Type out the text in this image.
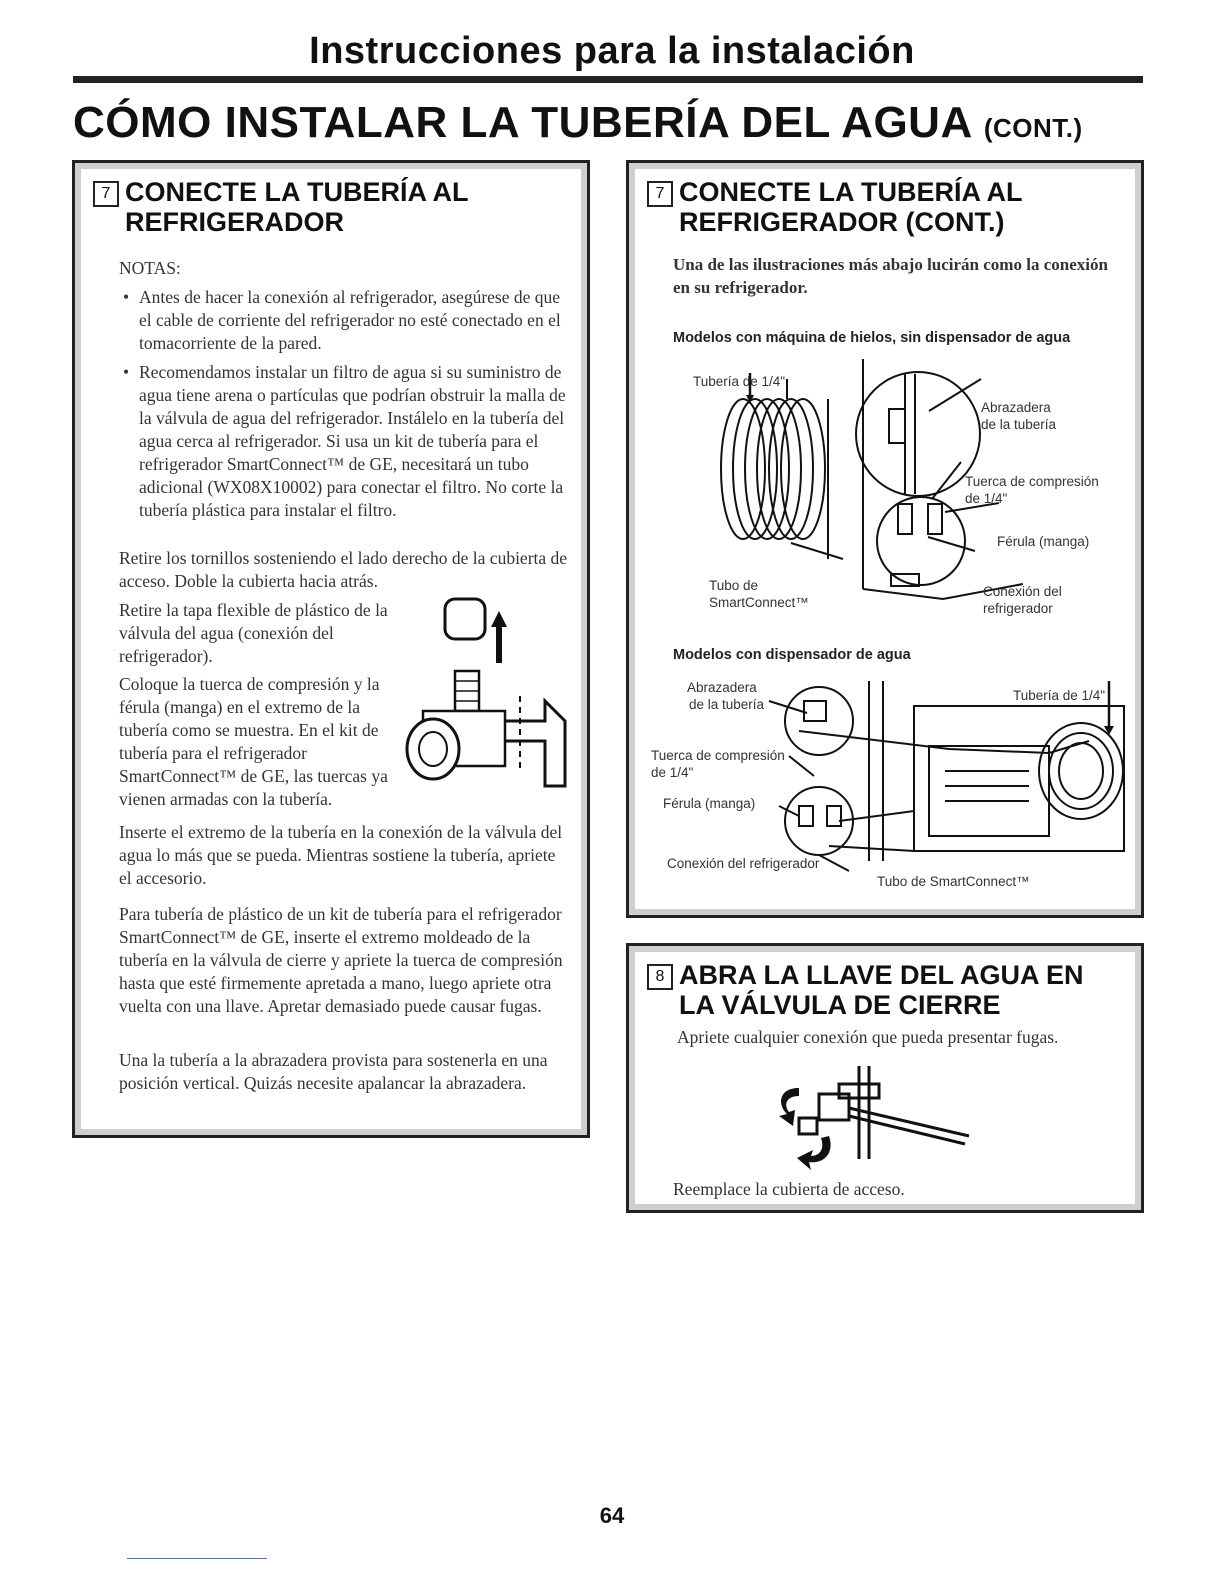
Instrucciones para la instalación
CÓMO INSTALAR LA TUBERÍA DEL AGUA (CONT.)
7 CONECTE LA TUBERÍA AL
REFRIGERADOR

NOTAS:

• Antes de hacer la conexión al refrigerador, asegúrese de que el cable de corriente del refrigerador no esté conectado en el tomacorriente de la pared.
• Recomendamos instalar un filtro de agua si su suministro de agua tiene arena o partículas que podrían obstruir la malla de la válvula de agua del refrigerador. Instálelo en la tubería del agua cerca al refrigerador. Si usa un kit de tubería para el refrigerador SmartConnect™ de GE, necesitará un tubo adicional (WX08X10002) para conectar el filtro. No corte la tubería plástica para instalar el filtro.

Retire los tornillos sosteniendo el lado derecho de la cubierta de acceso. Doble la cubierta hacia atrás.

Retire la tapa flexible de plástico de la válvula del agua (conexión del refrigerador).

Coloque la tuerca de compresión y la férula (manga) en el extremo de la tubería como se muestra. En el kit de tubería para el refrigerador SmartConnect™ de GE, las tuercas ya vienen armadas con la tubería.

Inserte el extremo de la tubería en la conexión de la válvula del agua lo más que se pueda. Mientras sostiene la tubería, apriete el accesorio.

Para tubería de plástico de un kit de tubería para el refrigerador SmartConnect™ de GE, inserte el extremo moldeado de la tubería en la válvula de cierre y apriete la tuerca de compresión hasta que esté firmemente apretada a mano, luego apriete otra vuelta con una llave. Apretar demasiado puede causar fugas.

Una la tubería a la abrazadera provista para sostenerla en una posición vertical. Quizás necesite apalancar la abrazadera.

7 CONECTE LA TUBERÍA AL
REFRIGERADOR (CONT.)
Una de las ilustraciones más abajo lucirán como la conexión en su refrigerador.
Modelos con máquina de hielos, sin dispensador de agua
Tubería de 1/4"
Abrazadera
de la tubería
Tuerca de compresión
de 1/4"
Férula (manga)
Tubo de
SmartConnect™
Conexión del
refrigerador
Modelos con dispensador de agua
Abrazadera
de la tubería
Tubería de 1/4"
Tuerca de compresión
de 1/4"
Férula (manga)
Conexión del refrigerador
Tubo de SmartConnect™
8 ABRA LA LLAVE DEL AGUA EN
LA VÁLVULA DE CIERRE
Apriete cualquier conexión que pueda presentar fugas.
Reemplace la cubierta de acceso.
64
